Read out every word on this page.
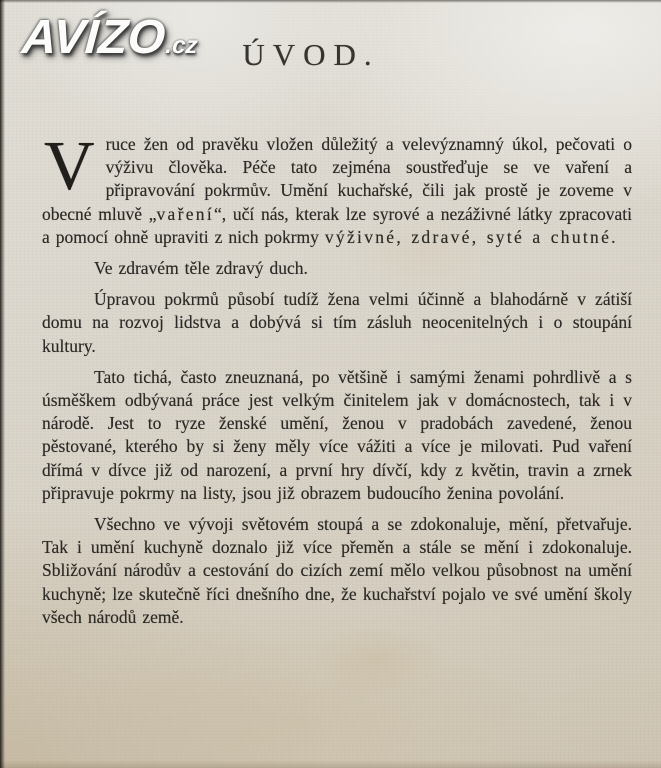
AVÍZO.cz	ÚVOD.

Vruce žen od pravěku vložen důležitý a velevýznamný úkol, pečovati o výživu člověka. Péče tato zejména soustřeďuje se ve vaření a připravování pokrmův. Umění kuchařské, čili jak prostě je zoveme v obecné mluvě „vaření“, učí nás, kterak lze syrové a nezáživné látky zpracovati a pomocí ohně upraviti z nich pokrmy výživné, zdravé, syté a chutné.

Ve zdravém těle zdravý duch.

Úpravou pokrmů působí tudíž žena velmi účinně a blahodárně v zátiší domu na rozvoj lidstva a dobývá si tím zásluh neocenitelných i o stoupání kultury.

Tato tichá, často zneuznaná, po většině i samými ženami pohrdlivě a s úsměškem odbývaná práce jest velkým činitelem jak v domácnostech, tak i v národě. Jest to ryze ženské umění, ženou v pradobách zavedené, ženou pěstované, kterého by si ženy měly více vážiti a více je milovati. Pud vaření dřímá v dívce již od narození, a první hry dívčí, kdy z květin, travin a zrnek připravuje pokrmy na listy, jsou již obrazem budoucího ženina povolání.

Všechno ve vývoji světovém stoupá a se zdokonaluje, mění, přetvařuje. Tak i umění kuchyně doznalo již více přeměn a stále se mění i zdokonaluje. Sbližování národův a cestování do cizích zemí mělo velkou působnost na umění kuchyně; lze skutečně říci dnešního dne, že kuchařství pojalo ve své umění školy všech národů země.
